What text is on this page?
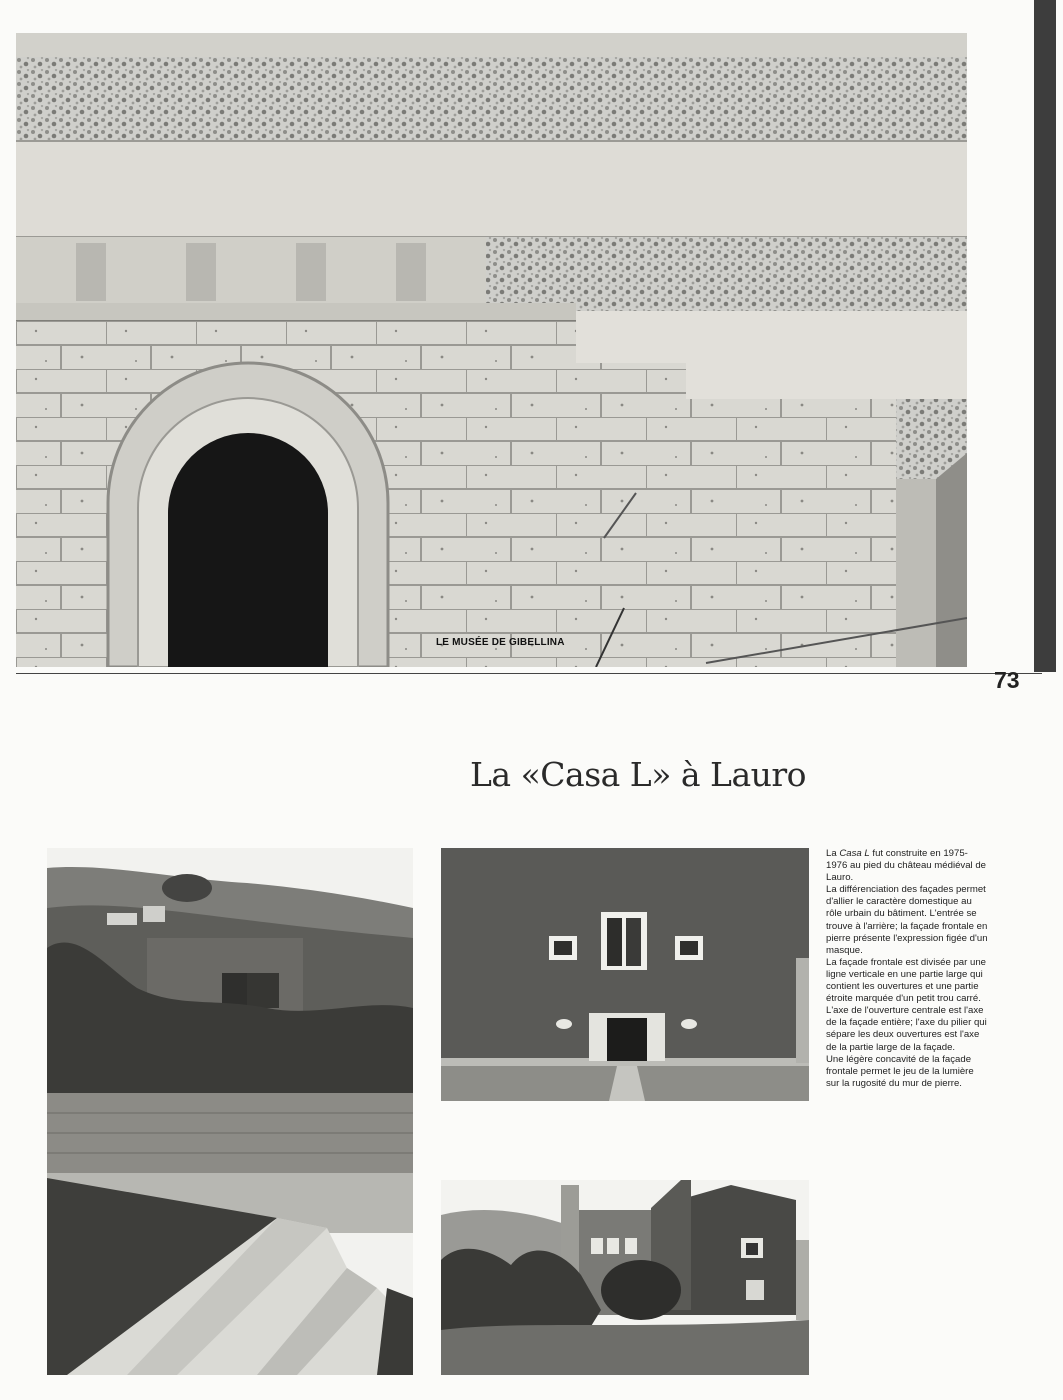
LE MUSÉE DE GIBELLINA
73
La «Casa L» à Lauro

La Casa L fut construite en 1975-1976 au pied du château médiéval de Lauro.

La différenciation des façades permet d'allier le caractère domestique au rôle urbain du bâtiment. L'entrée se trouve à l'arrière; la façade frontale en pierre présente l'expression figée d'un masque.

La façade frontale est divisée par une ligne verticale en une partie large qui contient les ouvertures et une partie étroite marquée d'un petit trou carré. L'axe de l'ouverture centrale est l'axe de la façade entière; l'axe du pilier qui sépare les deux ouvertures est l'axe de la partie large de la façade.

Une légère concavité de la façade frontale permet le jeu de la lumière sur la rugosité du mur de pierre.
